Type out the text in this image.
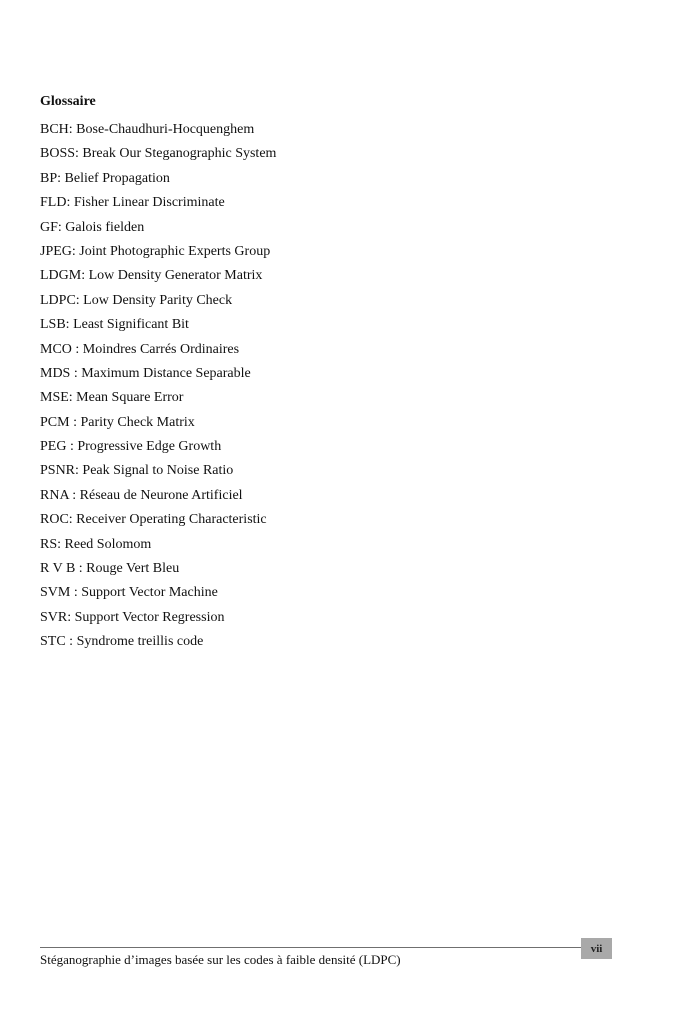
Glossaire
BCH: Bose-Chaudhuri-Hocquenghem
BOSS: Break Our Steganographic System
BP: Belief Propagation
FLD: Fisher Linear Discriminate
GF: Galois fielden
JPEG: Joint Photographic Experts Group
LDGM: Low Density Generator Matrix
LDPC: Low Density Parity Check
LSB: Least Significant Bit
MCO : Moindres Carrés Ordinaires
MDS : Maximum Distance Separable
MSE: Mean Square Error
PCM : Parity Check Matrix
PEG : Progressive Edge Growth
PSNR: Peak Signal to Noise Ratio
RNA : Réseau de Neurone Artificiel
ROC: Receiver Operating Characteristic
RS: Reed Solomom
R V B : Rouge Vert Bleu
SVM : Support Vector Machine
SVR: Support Vector Regression
STC : Syndrome treillis code
vii
Stéganographie d’images basée sur les codes à faible densité (LDPC)
